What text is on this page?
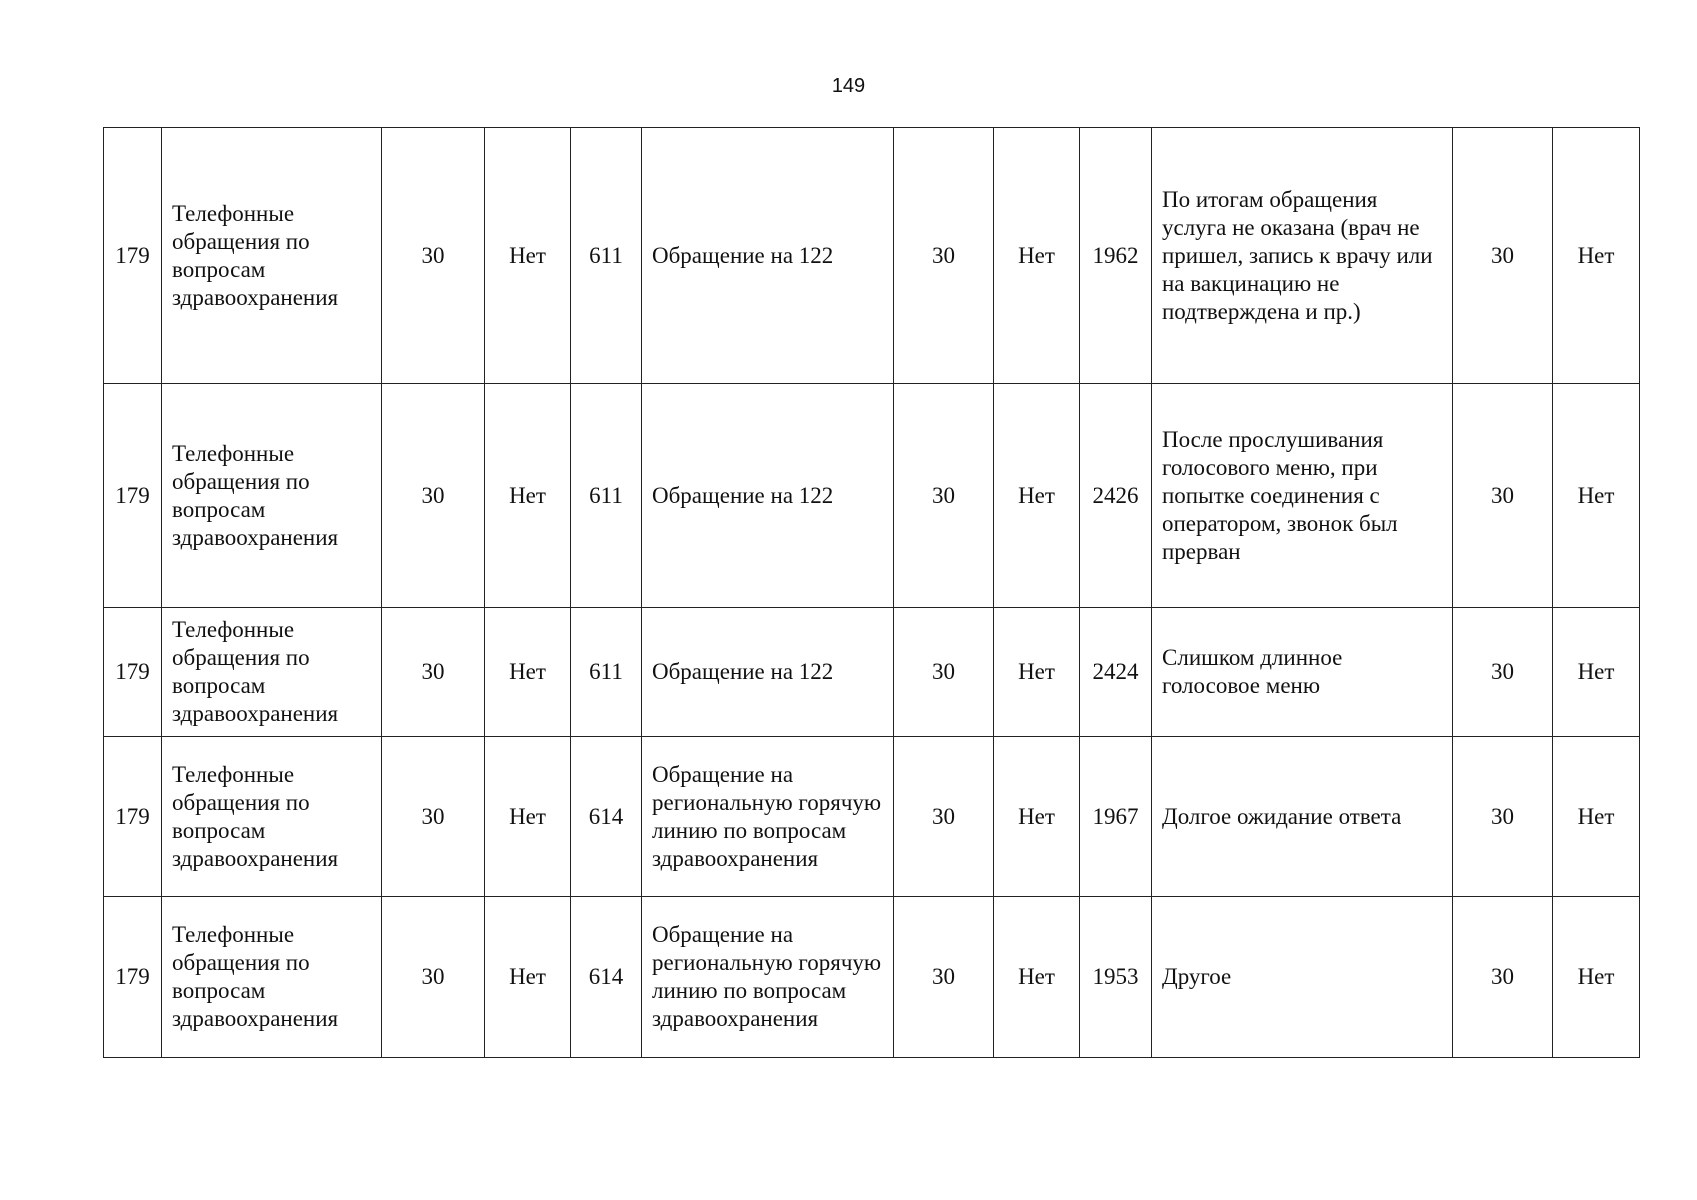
149
179	Телефонные обращения по вопросам здравоохранения	30	Нет	611	Обращение на 122	30	Нет	1962	По итогам обращения услуга не оказана (врач не пришел, запись к врачу или на вакцинацию не подтверждена и пр.)	30	Нет
179	Телефонные обращения по вопросам здравоохранения	30	Нет	611	Обращение на 122	30	Нет	2426	После прослушивания голосового меню, при попытке соединения с оператором, звонок был прерван	30	Нет
179	Телефонные обращения по вопросам здравоохранения	30	Нет	611	Обращение на 122	30	Нет	2424	Слишком длинное голосовое меню	30	Нет
179	Телефонные обращения по вопросам здравоохранения	30	Нет	614	Обращение на региональную горячую линию по вопросам здравоохранения	30	Нет	1967	Долгое ожидание ответа	30	Нет
179	Телефонные обращения по вопросам здравоохранения	30	Нет	614	Обращение на региональную горячую линию по вопросам здравоохранения	30	Нет	1953	Другое	30	Нет
